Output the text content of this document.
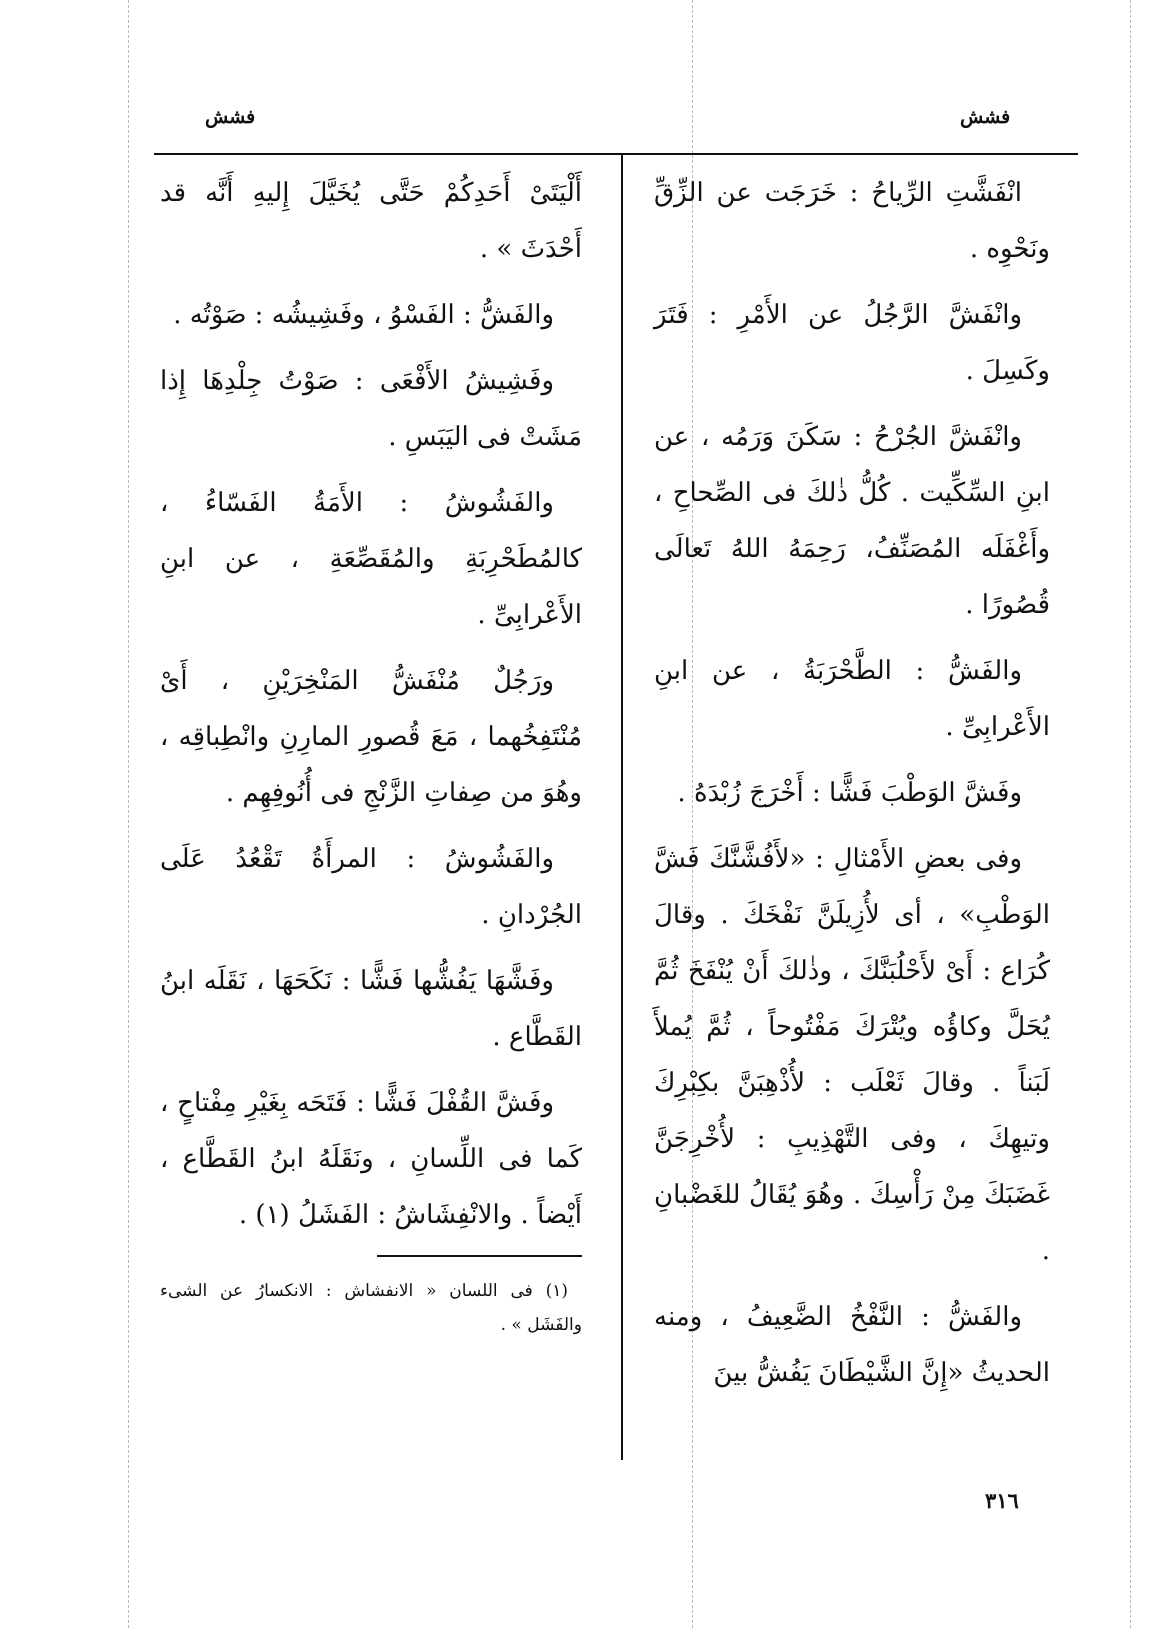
فشش
فشش

انْفَشَّتِ الرِّياحُ : خَرَجَت عن الزِّقِّ ونَحْوِه .

وانْفَشَّ الرَّجُلُ عن الأَمْرِ : فَتَرَ وكَسِلَ .

وانْفَشَّ الجُرْحُ : سَكَنَ وَرَمُه ، عن ابنِ السِّكِّيت . كُلُّ ذٰلكَ فى الصِّحاحِ ، وأَغْفَلَه المُصَنِّفُ، رَحِمَهُ اللهُ تَعالَى قُصُورًا .

والفَشُّ : الطَّحْرَبَةُ ، عن ابنِ الأَعْرابِىِّ .

وفَشَّ الوَطْبَ فَشًّا : أَخْرَجَ زُبْدَهُ .

وفى بعضِ الأَمْثالِ : «لأَفُشَّنَّكَ فَشَّ الوَطْبِ» ، أى لأُزِيلَنَّ نَفْخَكَ . وقالَ كُرَاع : أَىْ لأَحْلُبَنَّكَ ، وذٰلكَ أَنْ يُنْفَخَ ثُمَّ يُحَلَّ وكاؤُه ويُتْرَكَ مَفْتُوحاً ، ثُمَّ يُملأَ لَبَناً . وقالَ ثَعْلَب : لأُذْهِبَنَّ بكِبْرِكَ وتيهِكَ ، وفى التَّهْذِيبِ : لأُخْرِجَنَّ غَضَبَكَ مِنْ رَأْسِكَ . وهُوَ يُقَالُ للغَضْبانِ .

والفَشُّ : النَّفْخُ الضَّعِيفُ ، ومنه الحديثُ «إِنَّ الشَّيْطَانَ يَفُشُّ بينَ

أَلْيَتَىْ أَحَدِكُمْ حَتَّى يُخَيَّلَ إِليهِ أَنَّه قد أَحْدَثَ » .

والفَشُّ : الفَسْوُ ، وفَشِيشُه : صَوْتُه .

وفَشِيشُ الأَفْعَى : صَوْتُ جِلْدِهَا إِذا مَشَتْ فى اليَبَسِ .

والفَشُوشُ : الأَمَةُ الفَسّاءُ ، كالمُطَحْرِبَةِ والمُقَصِّعَةِ ، عن ابنِ الأَعْرابِىِّ .

ورَجُلٌ مُنْفَشُّ المَنْخِرَيْنِ ، أَىْ مُنْتَفِخُهما ، مَعَ قُصورِ المارِنِ وانْطِباقِه ، وهُوَ من صِفاتِ الزَّنْجِ فى أُنُوفِهِم .

والفَشُوشُ : المرأَةُ تَقْعُدُ عَلَى الجُرْدانِ .

وفَشَّهَا يَفُشُّها فَشًّا : نَكَحَهَا ، نَقَلَه ابنُ القَطَّاع .

وفَشَّ القُفْلَ فَشًّا : فَتَحَه بِغَيْرِ مِفْتاحٍ ، كَما فى اللِّسانِ ، ونَقَلَهُ ابنُ القَطَّاع ، أَيْضاً . والانْفِشَاشُ : الفَشَلُ (١) .

(١) فى اللسان « الانفشاش : الانكسارُ عن الشىء والفَشَل » .

٣١٦
